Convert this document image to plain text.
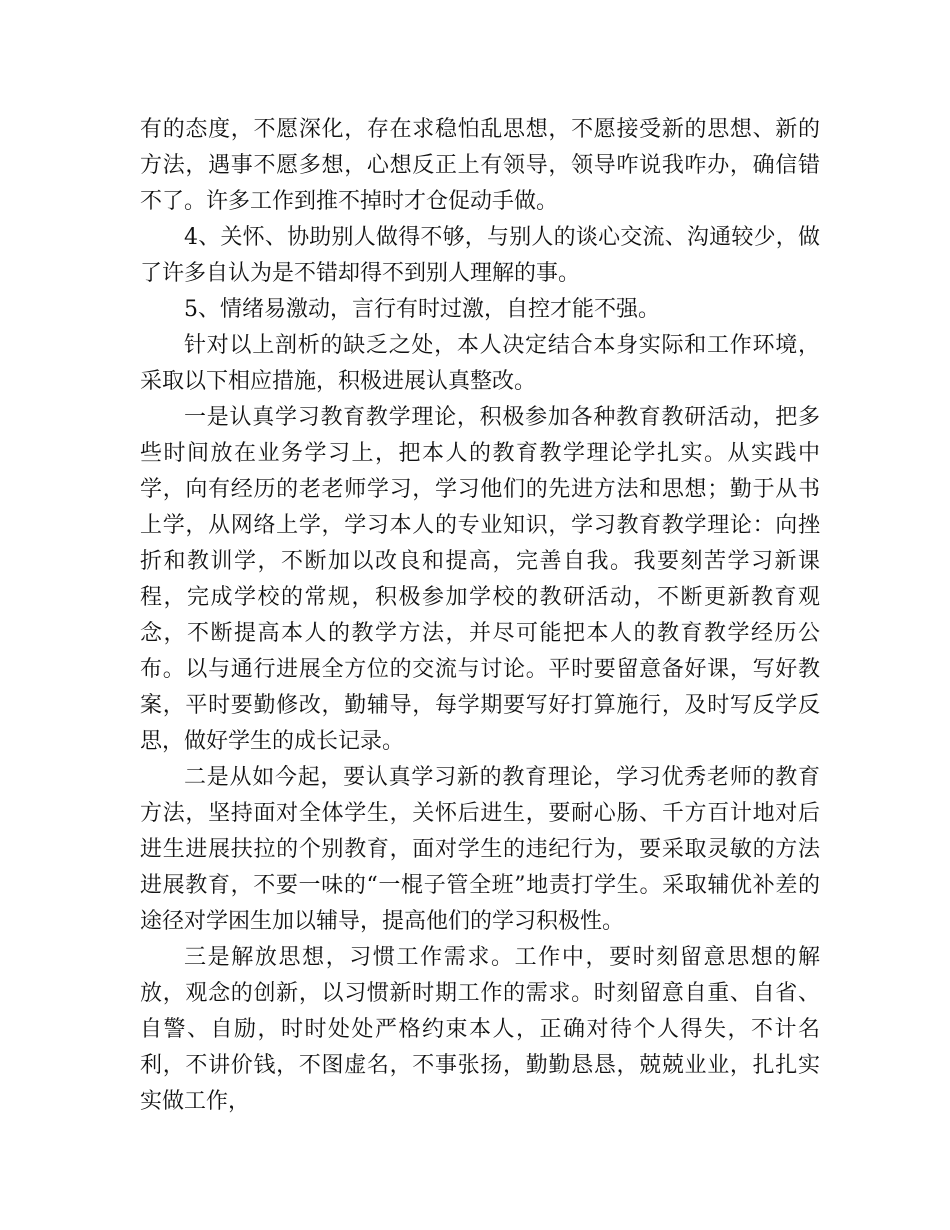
有的态度，不愿深化，存在求稳怕乱思想，不愿接受新的思想、新的方法，遇事不愿多想，心想反正上有领导，领导咋说我咋办，确信错不了。许多工作到推不掉时才仓促动手做。

4、关怀、协助别人做得不够，与别人的谈心交流、沟通较少，做了许多自认为是不错却得不到别人理解的事。

5、情绪易激动，言行有时过激，自控才能不强。

针对以上剖析的缺乏之处，本人决定结合本身实际和工作环境，采取以下相应措施，积极进展认真整改。

一是认真学习教育教学理论，积极参加各种教育教研活动，把多些时间放在业务学习上，把本人的教育教学理论学扎实。从实践中学，向有经历的老老师学习，学习他们的先进方法和思想；勤于从书上学，从网络上学，学习本人的专业知识，学习教育教学理论：向挫折和教训学，不断加以改良和提高，完善自我。我要刻苦学习新课程，完成学校的常规，积极参加学校的教研活动，不断更新教育观念，不断提高本人的教学方法，并尽可能把本人的教育教学经历公布。以与通行进展全方位的交流与讨论。平时要留意备好课，写好教案，平时要勤修改，勤辅导，每学期要写好打算施行，及时写反学反思，做好学生的成长记录。

二是从如今起，要认真学习新的教育理论，学习优秀老师的教育方法，坚持面对全体学生，关怀后进生，要耐心肠、千方百计地对后进生进展扶拉的个别教育，面对学生的违纪行为，要采取灵敏的方法进展教育，不要一味的“一棍子管全班”地责打学生。采取辅优补差的途径对学困生加以辅导，提高他们的学习积极性。

三是解放思想，习惯工作需求。工作中，要时刻留意思想的解放，观念的创新，以习惯新时期工作的需求。时刻留意自重、自省、自警、自励，时时处处严格约束本人，正确对待个人得失，不计名利，不讲价钱，不图虚名，不事张扬，勤勤恳恳，兢兢业业，扎扎实实做工作，
